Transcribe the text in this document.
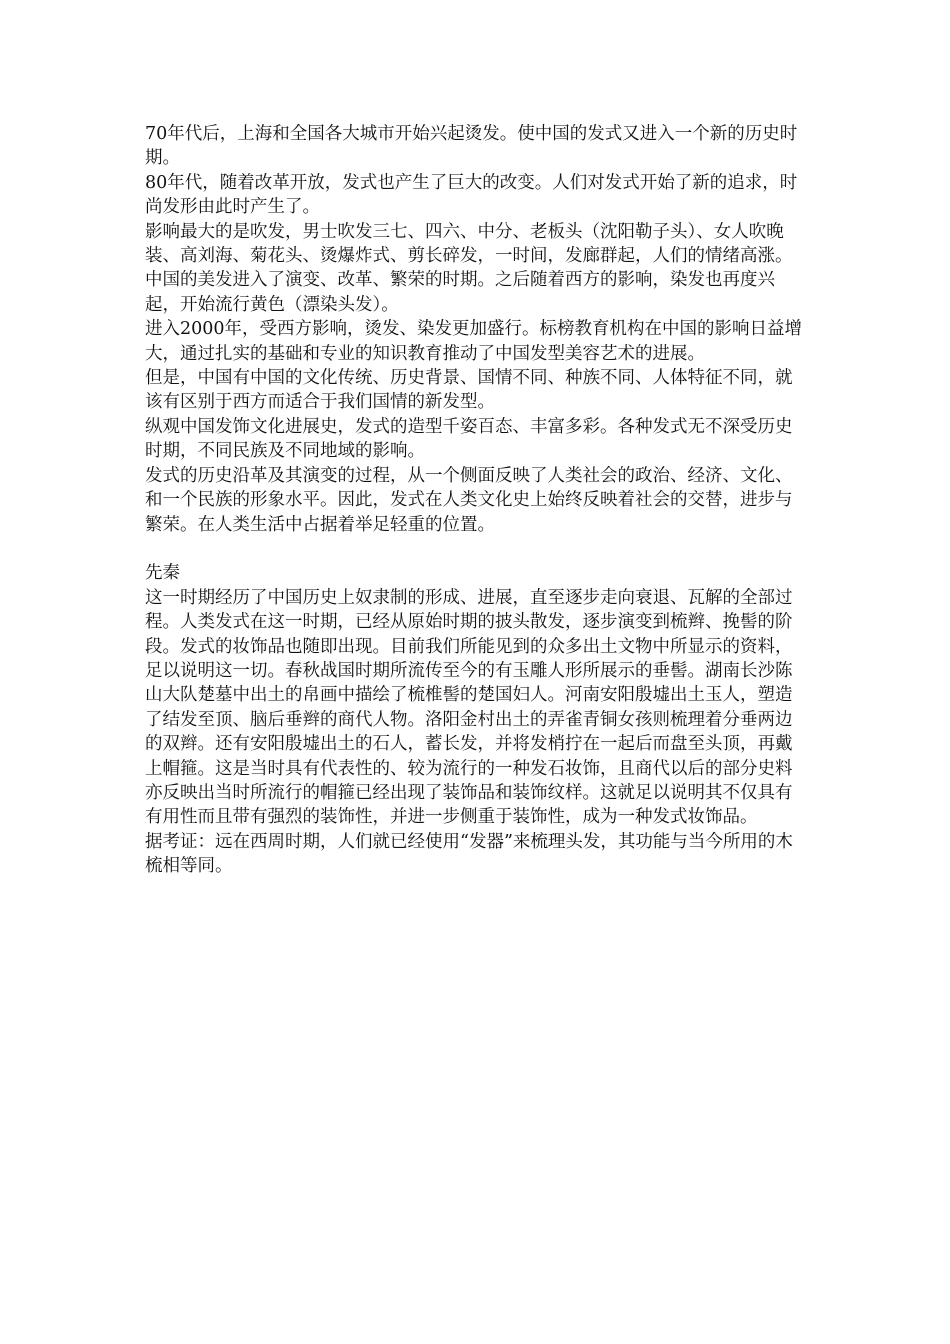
70年代后，上海和全国各大城市开始兴起烫发。使中国的发式又进入一个新的历史时期。

80年代，随着改革开放，发式也产生了巨大的改变。人们对发式开始了新的追求，时尚发形由此时产生了。

影响最大的是吹发，男士吹发三七、四六、中分、老板头（沈阳勒子头）、女人吹晚装、高刘海、菊花头、烫爆炸式、剪长碎发，一时间，发廊群起，人们的情绪高涨。

中国的美发进入了演变、改革、繁荣的时期。之后随着西方的影响，染发也再度兴起，开始流行黄色（漂染头发）。

进入2000年，受西方影响，烫发、染发更加盛行。标榜教育机构在中国的影响日益增大，通过扎实的基础和专业的知识教育推动了中国发型美容艺术的进展。

但是，中国有中国的文化传统、历史背景、国情不同、种族不同、人体特征不同，就该有区别于西方而适合于我们国情的新发型。

纵观中国发饰文化进展史，发式的造型千姿百态、丰富多彩。各种发式无不深受历史时期，不同民族及不同地域的影响。

发式的历史沿革及其演变的过程，从一个侧面反映了人类社会的政治、经济、文化、和一个民族的形象水平。因此，发式在人类文化史上始终反映着社会的交替，进步与繁荣。在人类生活中占据着举足轻重的位置。

先秦

这一时期经历了中国历史上奴隶制的形成、进展，直至逐步走向衰退、瓦解的全部过程。人类发式在这一时期，已经从原始时期的披头散发，逐步演变到梳辫、挽髻的阶段。发式的妆饰品也随即出现。目前我们所能见到的众多出土文物中所显示的资料，足以说明这一切。春秋战国时期所流传至今的有玉雕人形所展示的垂髻。湖南长沙陈山大队楚墓中出土的帛画中描绘了梳椎髻的楚国妇人。河南安阳殷墟出土玉人，塑造了结发至顶、脑后垂辫的商代人物。洛阳金村出土的弄雀青铜女孩则梳理着分垂两边的双辫。还有安阳殷墟出土的石人，蓄长发，并将发梢拧在一起后而盘至头顶，再戴上帽箍。这是当时具有代表性的、较为流行的一种发石妆饰，且商代以后的部分史料亦反映出当时所流行的帽箍已经出现了装饰品和装饰纹样。这就足以说明其不仅具有有用性而且带有强烈的装饰性，并进一步侧重于装饰性，成为一种发式妆饰品。

据考证：远在西周时期，人们就已经使用“发器”来梳理头发，其功能与当今所用的木梳相等同。
